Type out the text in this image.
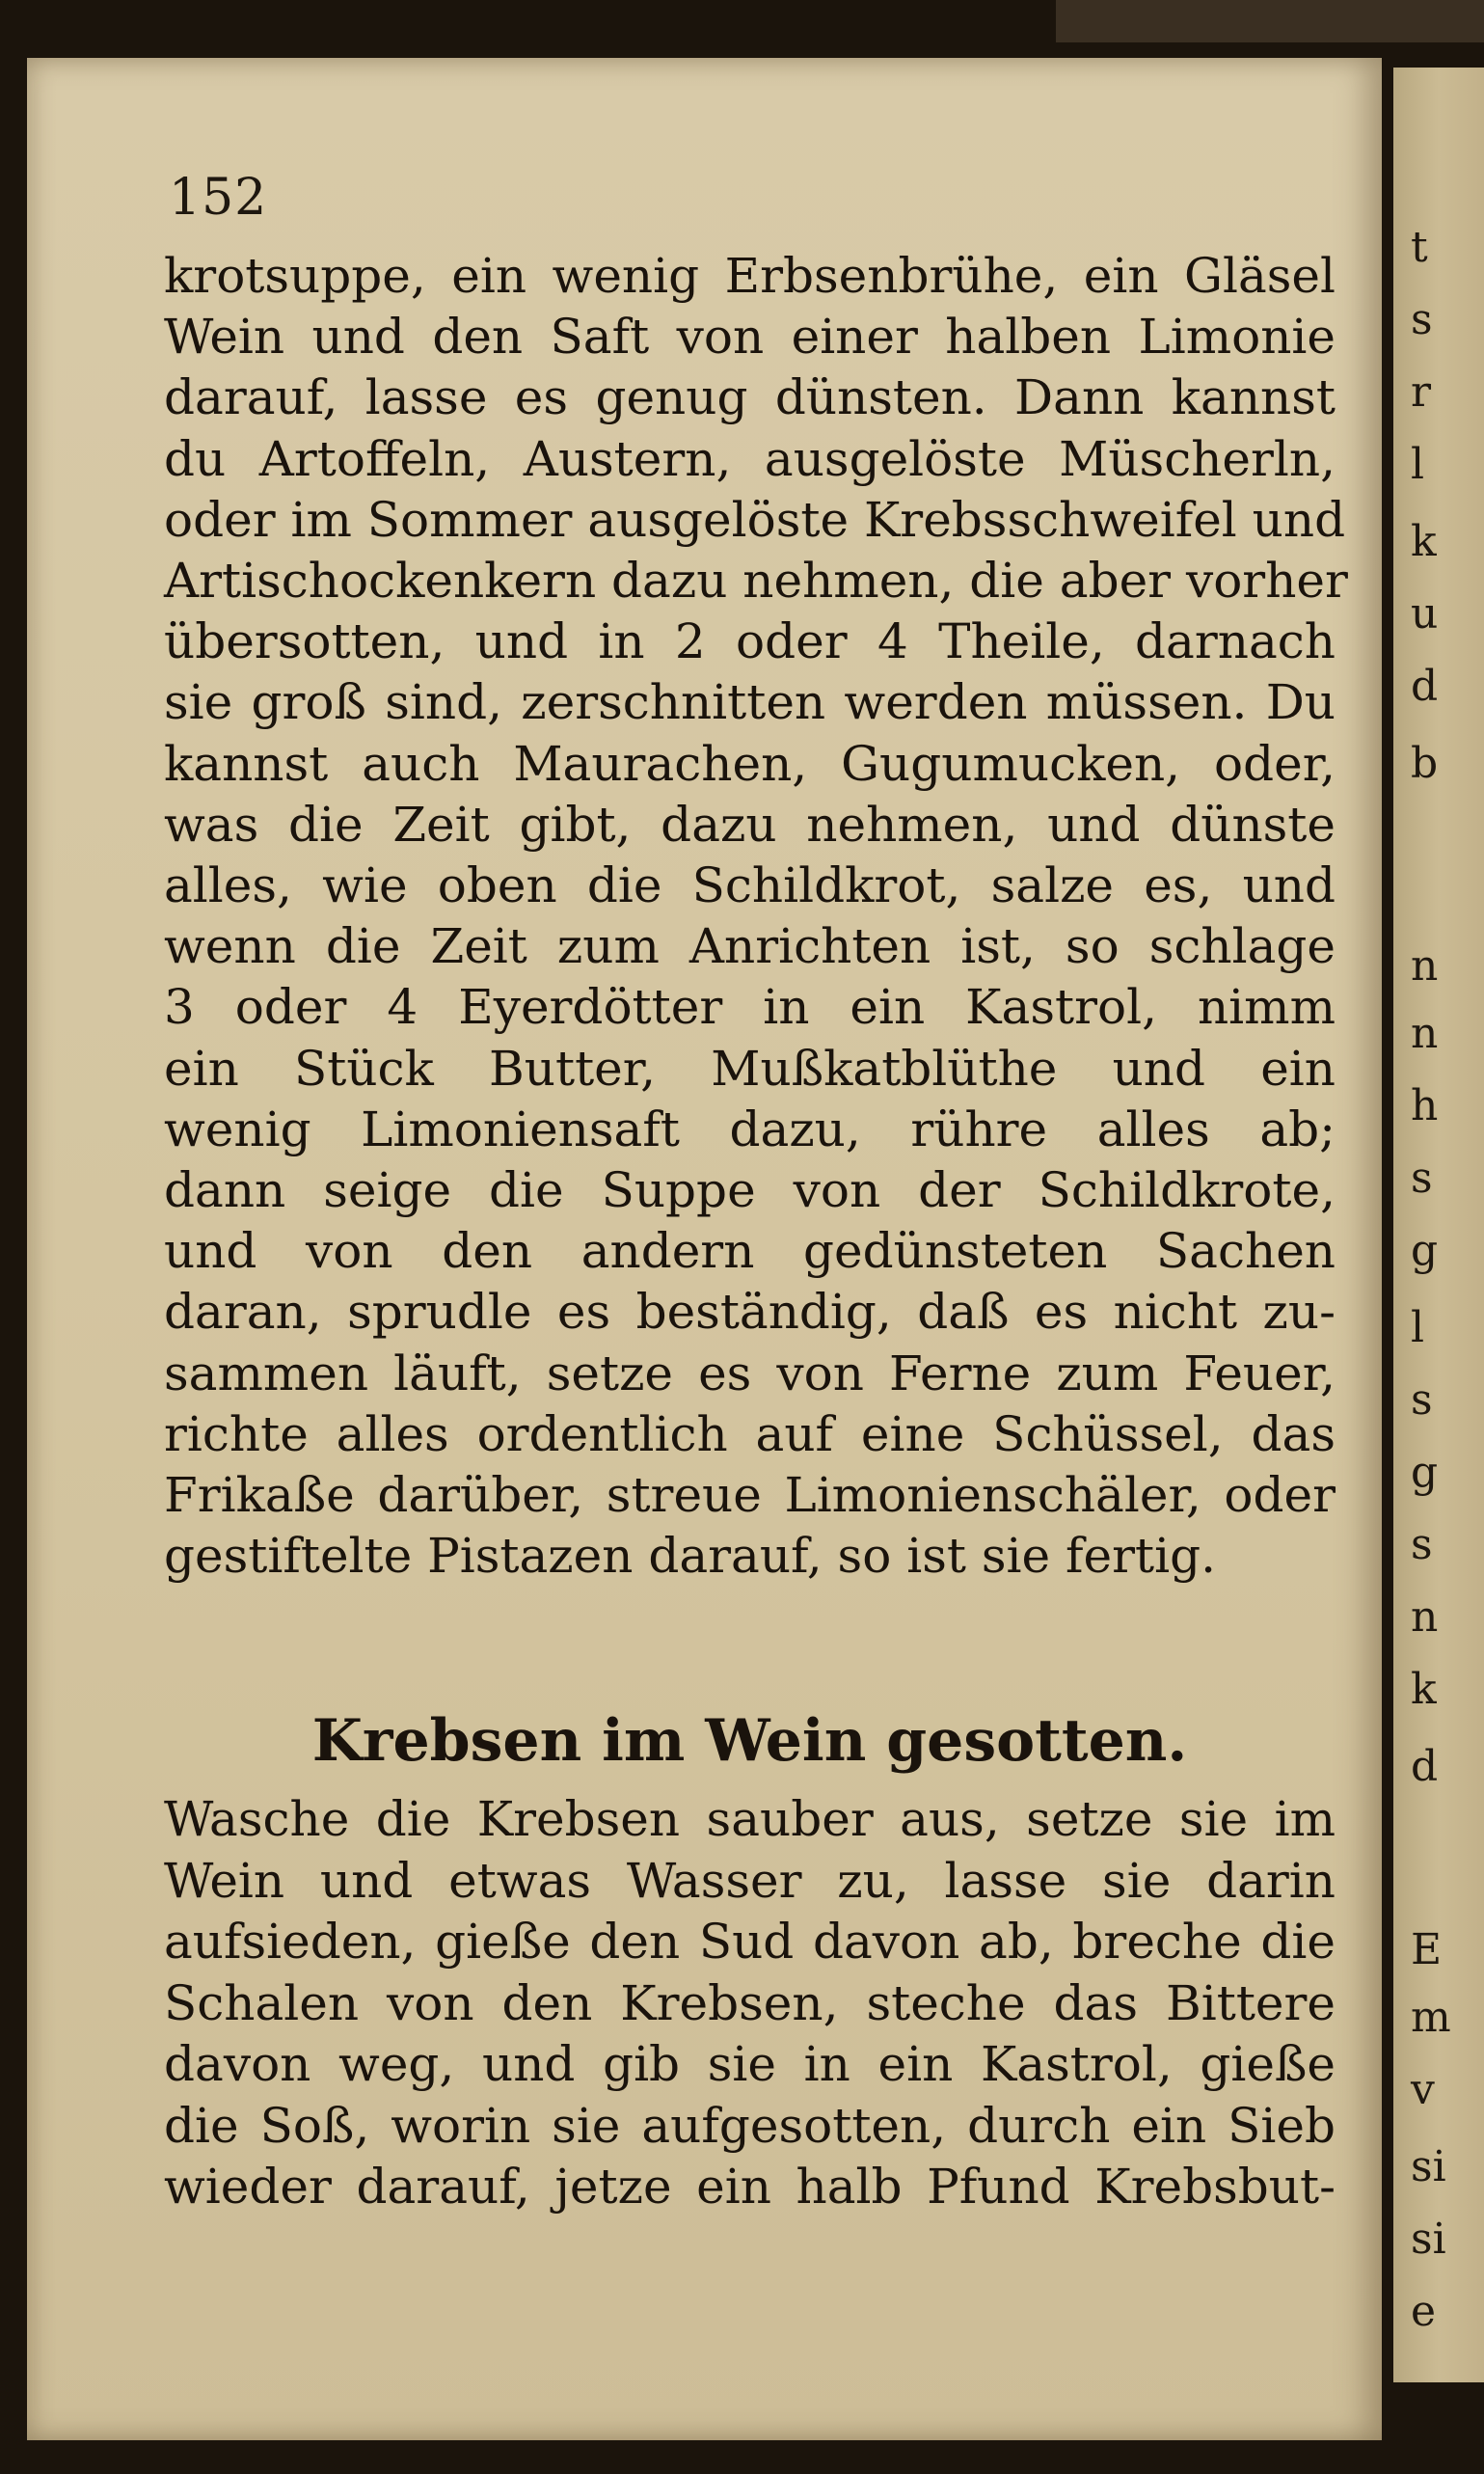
t
s
r
l
k
u
d
b
n
n
h
s
g
l
s
g
s
n
k
d
E
m
v
si
si
e
152
krotsuppe, ein wenig Erbsenbrühe, ein Gläsel
Wein und den Saft von einer halben Limonie
darauf, lasse es genug dünsten. Dann kannst
du Artoffeln, Austern, ausgelöste Müscherln,
oder im Sommer ausgelöste Krebsschweifel und
Artischockenkern dazu nehmen, die aber vorher
übersotten, und in 2 oder 4 Theile, darnach
sie groß sind, zerschnitten werden müssen. Du
kannst auch Maurachen, Gugumucken, oder,
was die Zeit gibt, dazu nehmen, und dünste
alles, wie oben die Schildkrot, salze es, und
wenn die Zeit zum Anrichten ist, so schlage
3 oder 4 Eyerdötter in ein Kastrol, nimm
ein Stück Butter, Mußkatblüthe und ein
wenig Limoniensaft dazu, rühre alles ab;
dann seige die Suppe von der Schildkrote,
und von den andern gedünsteten Sachen
daran, sprudle es beständig, daß es nicht zu-
sammen läuft, setze es von Ferne zum Feuer,
richte alles ordentlich auf eine Schüssel, das
Frikaße darüber, streue Limonienschäler, oder
gestiftelte Pistazen darauf, so ist sie fertig.
Krebsen im Wein gesotten.
Wasche die Krebsen sauber aus, setze sie im
Wein und etwas Wasser zu, lasse sie darin
aufsieden, gieße den Sud davon ab, breche die
Schalen von den Krebsen, steche das Bittere
davon weg, und gib sie in ein Kastrol, gieße
die Soß, worin sie aufgesotten, durch ein Sieb
wieder darauf, jetze ein halb Pfund Krebsbut-
